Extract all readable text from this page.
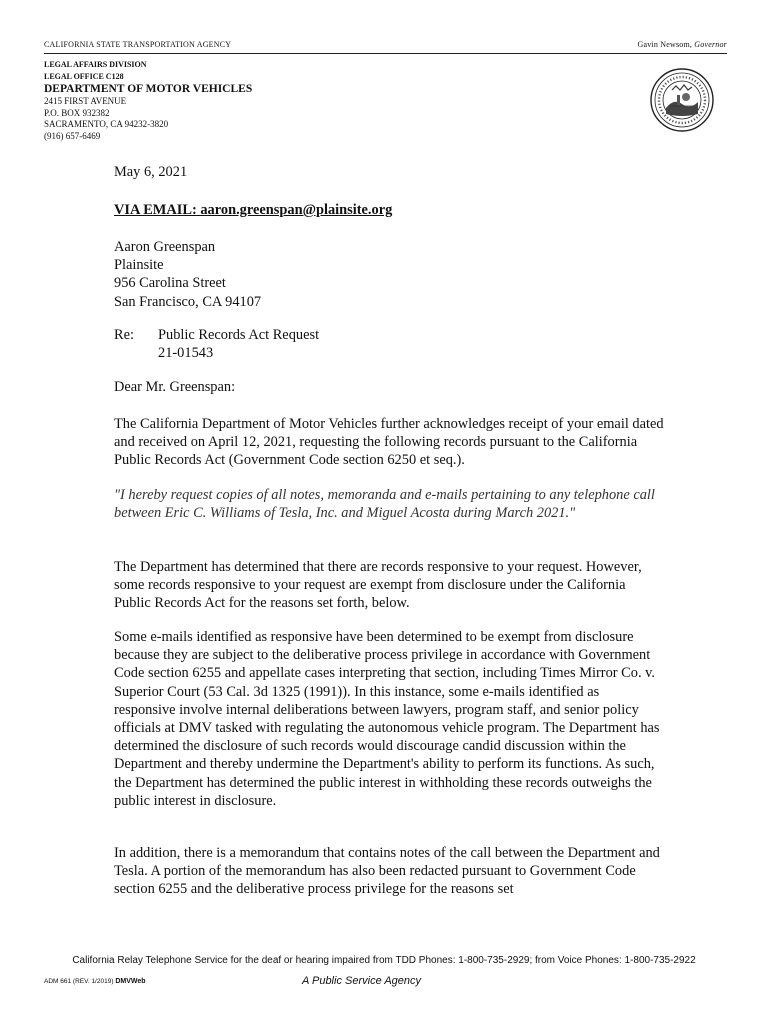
CALIFORNIA STATE TRANSPORTATION AGENCY	Gavin Newsom, Governor
LEGAL AFFAIRS DIVISION
LEGAL OFFICE C128
DEPARTMENT OF MOTOR VEHICLES
2415 FIRST AVENUE
P.O. BOX 932382
SACRAMENTO, CA 94232-3820
(916) 657-6469
May 6, 2021
VIA EMAIL: aaron.greenspan@plainsite.org
Aaron Greenspan
Plainsite
956 Carolina Street
San Francisco, CA 94107
Re: Public Records Act Request
21-01543
Dear Mr. Greenspan:
The California Department of Motor Vehicles further acknowledges receipt of your email dated and received on April 12, 2021, requesting the following records pursuant to the California Public Records Act (Government Code section 6250 et seq.).
"I hereby request copies of all notes, memoranda and e-mails pertaining to any telephone call between Eric C. Williams of Tesla, Inc. and Miguel Acosta during March 2021."
The Department has determined that there are records responsive to your request. However, some records responsive to your request are exempt from disclosure under the California Public Records Act for the reasons set forth, below.
Some e-mails identified as responsive have been determined to be exempt from disclosure because they are subject to the deliberative process privilege in accordance with Government Code section 6255 and appellate cases interpreting that section, including Times Mirror Co. v. Superior Court (53 Cal. 3d 1325 (1991)). In this instance, some e-mails identified as responsive involve internal deliberations between lawyers, program staff, and senior policy officials at DMV tasked with regulating the autonomous vehicle program. The Department has determined the disclosure of such records would discourage candid discussion within the Department and thereby undermine the Department's ability to perform its functions. As such, the Department has determined the public interest in withholding these records outweighs the public interest in disclosure.
In addition, there is a memorandum that contains notes of the call between the Department and Tesla. A portion of the memorandum has also been redacted pursuant to Government Code section 6255 and the deliberative process privilege for the reasons set
California Relay Telephone Service for the deaf or hearing impaired from TDD Phones: 1-800-735-2929; from Voice Phones: 1-800-735-2922
ADM 661 (REV. 1/2019) DMVWeb	A Public Service Agency
